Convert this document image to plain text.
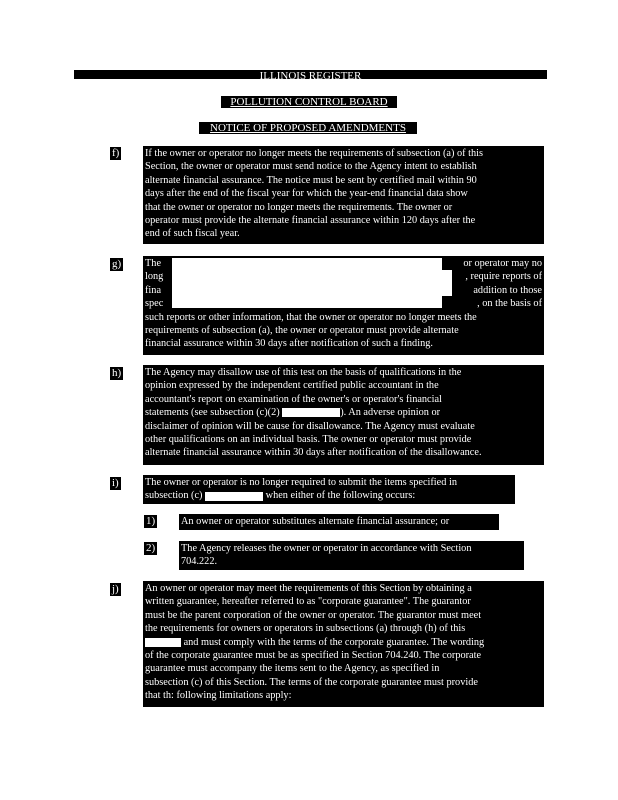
ILLINOIS REGISTER
POLLUTION CONTROL BOARD
NOTICE OF PROPOSED AMENDMENTS
f) If the owner or operator no longer meets the requirements of subsection (a) of this
Section, the owner or operator must send notice to the Agency intent to establish
alternate financial assurance. The notice must be sent by certified mail within 90
days after the end of the fiscal year for which the year-end financial data show
that the owner or operator no longer meets the requirements. The owner or
operator must provide the alternate financial assurance within 120 days after the
end of such fiscal year.
g) The	or operator may no
long	, require reports of
fina	addition to those
spec	, on the basis of
such reports or other information, that the owner or operator no longer meets the
requirements of subsection (a), the owner or operator must provide alternate
financial assurance within 30 days after notification of such a finding.
h) The Agency may disallow use of this test on the basis of qualifications in the
opinion expressed by the independent certified public accountant in the
accountant's report on examination of the owner's or operator's financial
statements (see subsection (c)(2)	). An adverse opinion or
disclaimer of opinion will be cause for disallowance. The Agency must evaluate
other qualifications on an individual basis. The owner or operator must provide
alternate financial assurance within 30 days after notification of the disallowance.
i)	The owner or operator is no longer required to submit the items specified in
subsection (c)	when either of the following occurs:
1)	An owner or operator substitutes alternate financial assurance; or
2)	The Agency releases the owner or operator in accordance with Section
704.222.
j)	An owner or operator may meet the requirements of this Section by obtaining a
written guarantee, hereafter referred to as "corporate guarantee". The guarantor
must be the parent corporation of the owner or operator. The guarantor must meet
the requirements for owners or operators in subsections (a) through (h) of this
and must comply with the terms of the corporate guarantee. The wording
of the corporate guarantee must be as specified in Section 704.240. The corporate
guarantee must accompany the items sent to the Agency, as specified in
subsection (c) of this Section. The terms of the corporate guarantee must provide
that th: following limitations apply:
